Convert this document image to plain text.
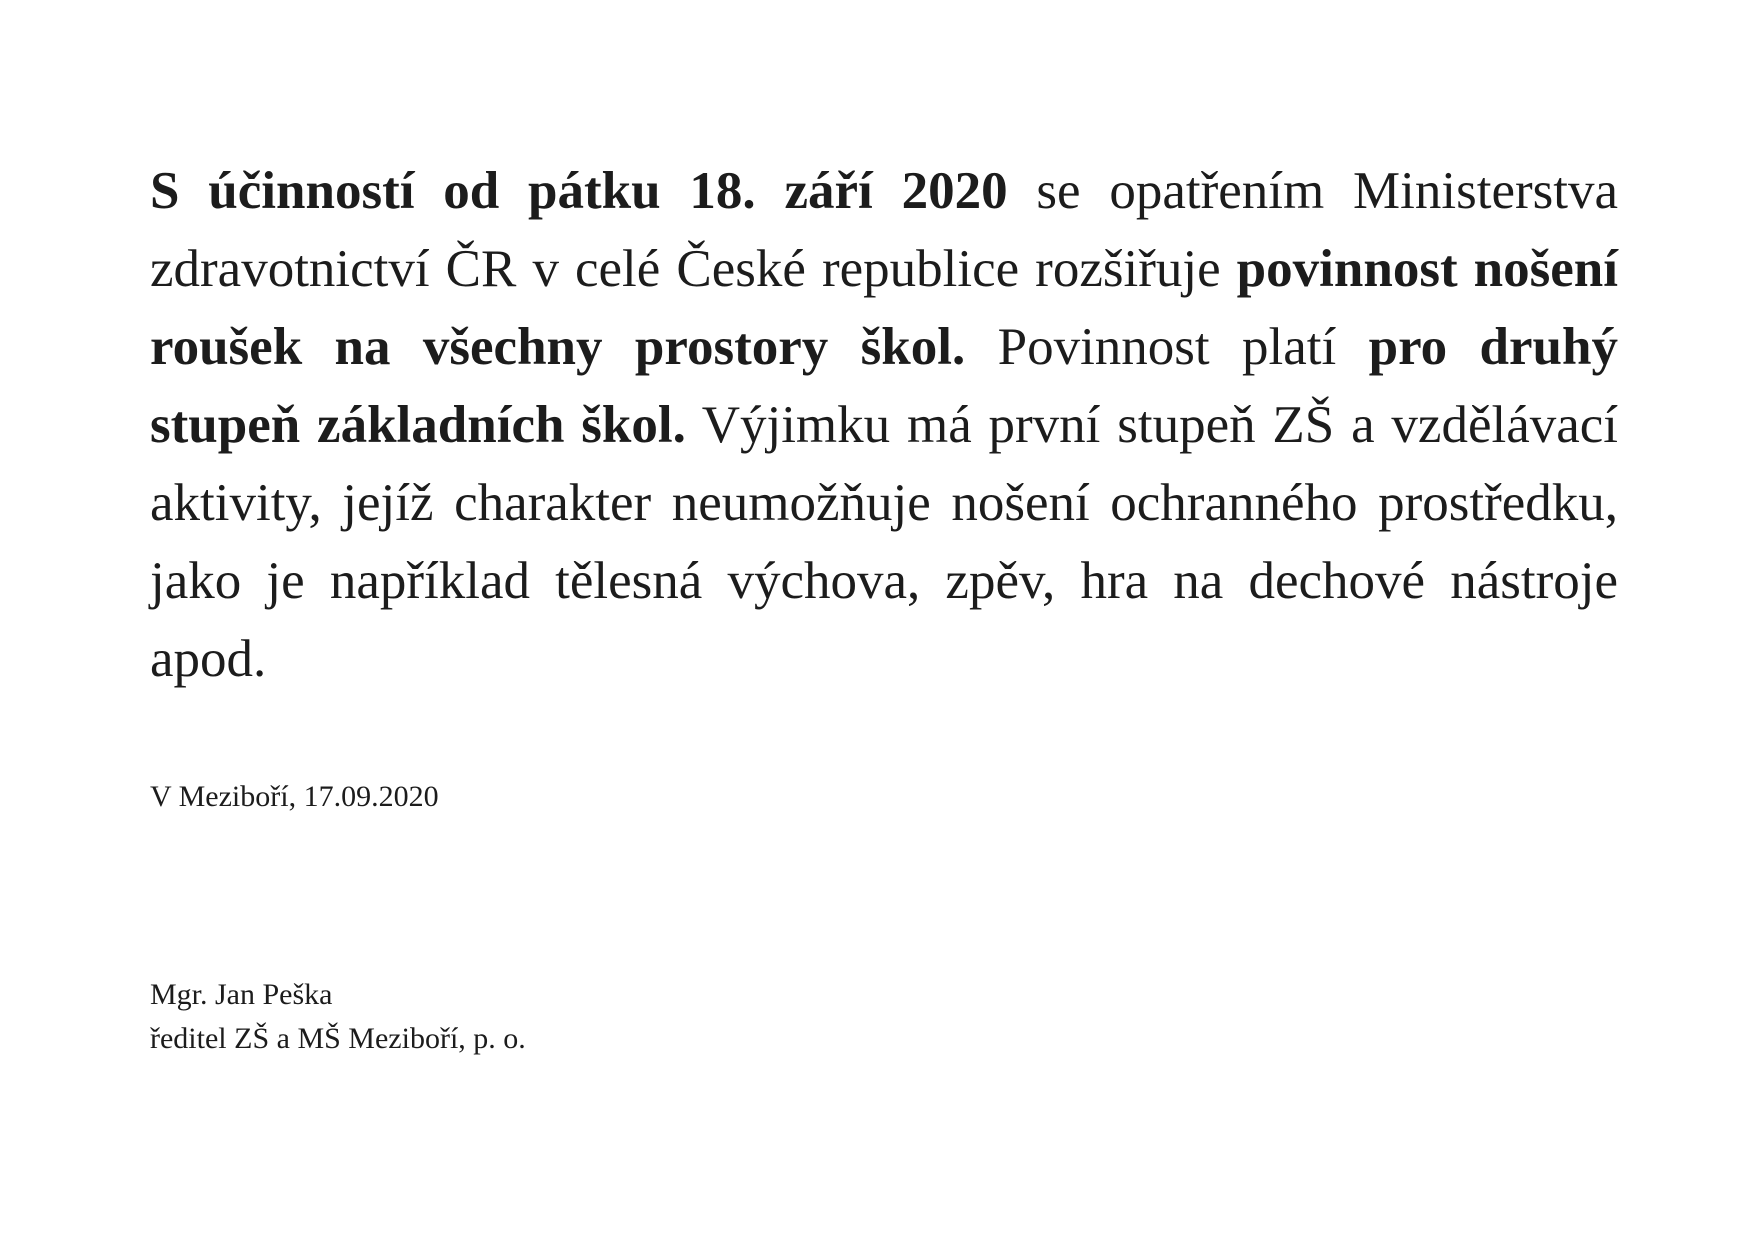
S účinností od pátku 18. září 2020 se opatřením Ministerstva zdravotnictví ČR v celé České republice rozšiřuje povinnost nošení roušek na všechny prostory škol. Povinnost platí pro druhý stupeň základních škol. Výjimku má první stupeň ZŠ a vzdělávací aktivity, jejíž charakter neumožňuje nošení ochranného prostředku, jako je například tělesná výchova, zpěv, hra na dechové nástroje apod.

V Meziboří, 17.09.2020

Mgr. Jan Peška
ředitel ZŠ a MŠ Meziboří, p. o.
